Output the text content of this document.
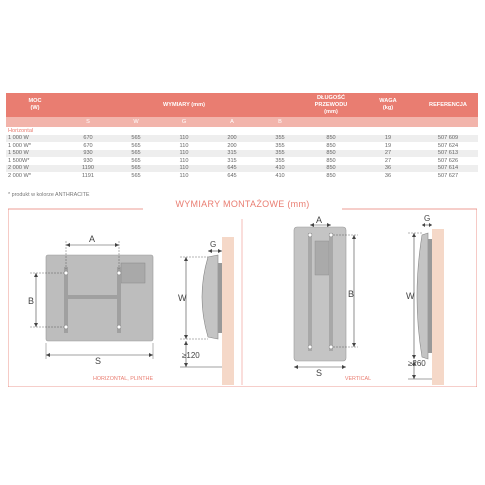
MOC
(W)	WYMIARY (mm)					DŁUGOŚĆ
PRZEWODU
(mm)	WAGA
(kg)	REFERENCJA
	S	W	G	A	B			
Horizontal								
1 000 W	670	565	110	200	355	850	19	507 609
1 000 W*	670	565	110	200	355	850	19	507 624
1 500 W	930	565	110	315	355	850	27	507 613
1 500W*	930	565	110	315	355	850	27	507 626
2 000 W	1190	565	110	645	410	850	36	507 614
2 000 W*	1191	565	110	645	410	850	36	507 627
* produkt w kolorze ANTHRACITE
WYMIARY MONTAŻOWE (mm)
A
B
S
W
G
≥120
A
B
S
W
G
≥260
HORIZONTAL, PLINTHE	VERTICAL
